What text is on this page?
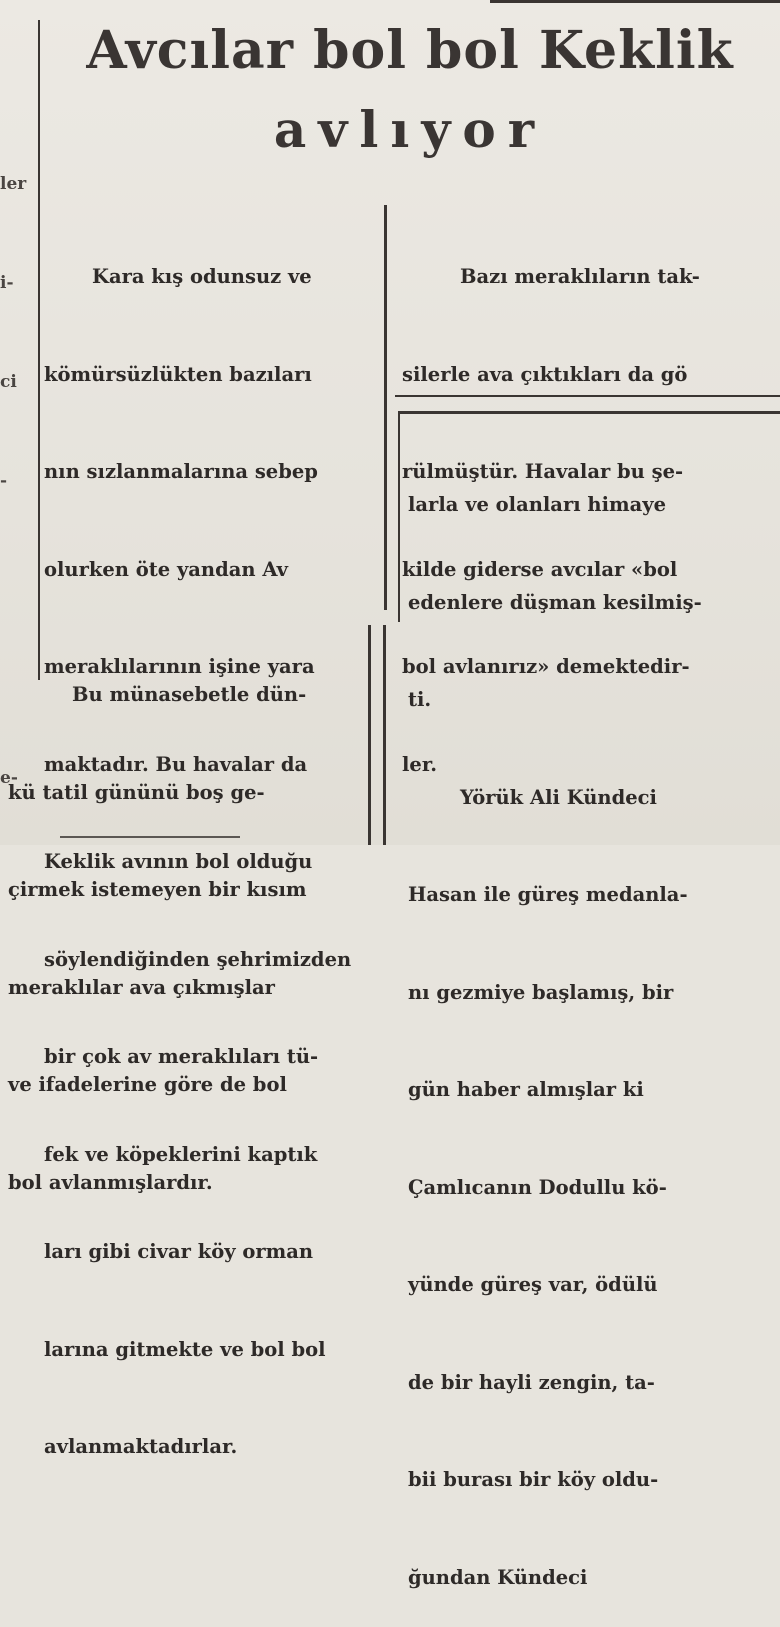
ler

i-

ci

-

e-

Avcılar bol bol Keklik
avlıyor

Kara kış odunsuz ve

kömürsüzlükten bazıları

nın sızlanmalarına sebep

olurken öte yandan Av

meraklılarının işine yara

maktadır. Bu havalar da

Keklik avının bol olduğu

söylendiğinden şehrimizden

bir çok av meraklıları tü-

fek ve köpeklerini kaptık

ları gibi civar köy orman

larına gitmekte ve bol bol

avlanmaktadırlar.

Bu münasebetle dün-

kü tatil gününü boş ge-

çirmek istemeyen bir kısım

meraklılar ava çıkmışlar

ve ifadelerine göre de bol

bol avlanmışlardır.

Bazı meraklıların tak-

silerle ava çıktıkları da gö

rülmüştür. Havalar bu şe-

kilde giderse avcılar «bol

bol avlanırız» demektedir-

ler.

larla ve olanları himaye

edenlere düşman kesilmiş-

ti.

Yörük Ali Kündeci

Hasan ile güreş medanla-

nı gezmiye başlamış, bir

gün haber almışlar ki

Çamlıcanın Dodullu kö-

yünde güreş var, ödülü

de bir hayli zengin, ta-

bii burası bir köy oldu-

ğundan Kündeci
